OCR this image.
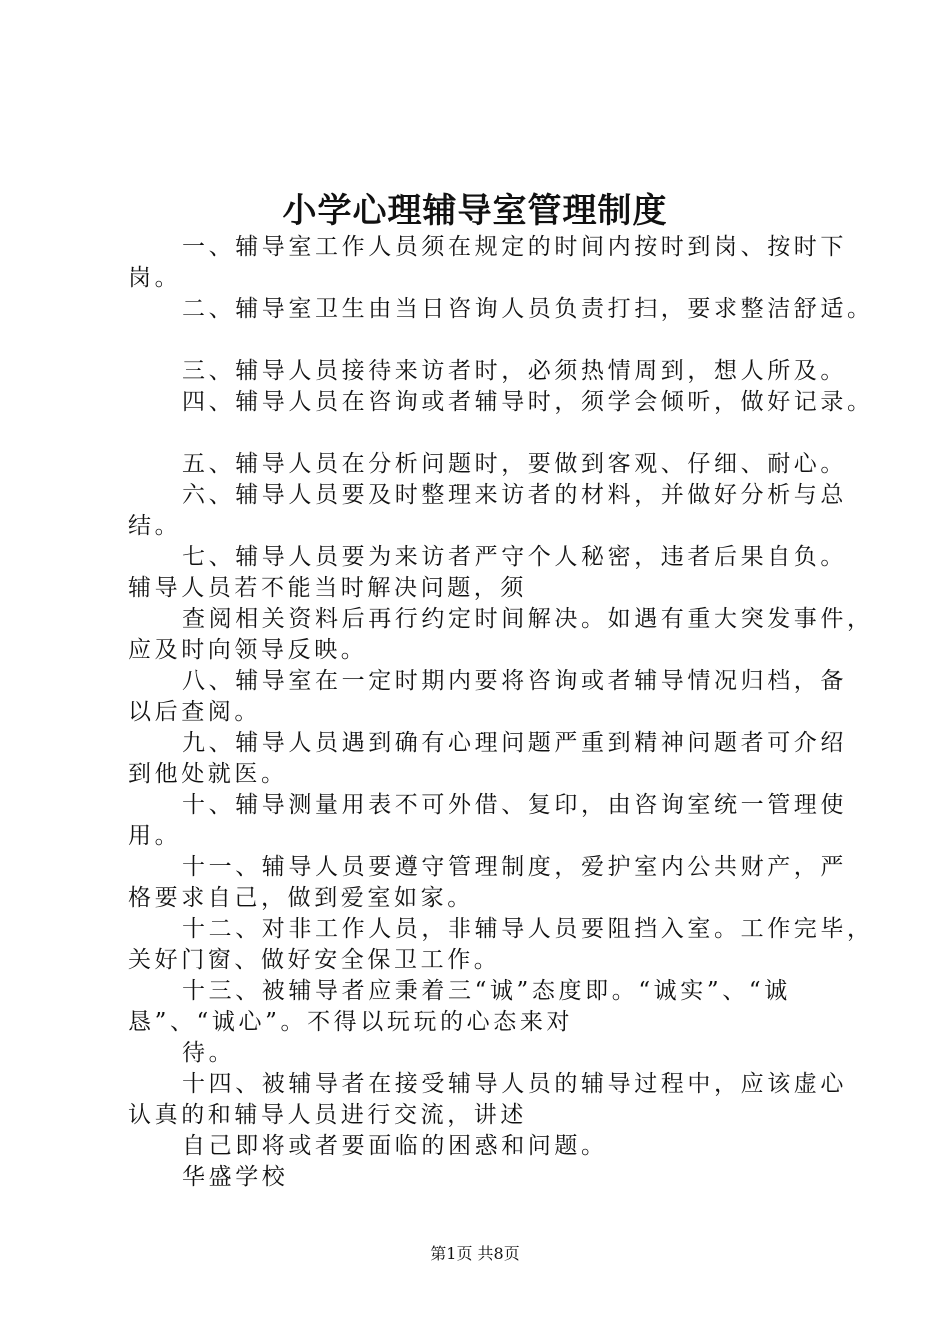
小学心理辅导室管理制度
一、辅导室工作人员须在规定的时间内按时到岗、按时下
岗。
二、辅导室卫生由当日咨询人员负责打扫，要求整洁舒适。
三、辅导人员接待来访者时，必须热情周到，想人所及。
四、辅导人员在咨询或者辅导时，须学会倾听，做好记录。
五、辅导人员在分析问题时，要做到客观、仔细、耐心。
六、辅导人员要及时整理来访者的材料，并做好分析与总
结。
七、辅导人员要为来访者严守个人秘密，违者后果自负。
辅导人员若不能当时解决问题，须
查阅相关资料后再行约定时间解决。如遇有重大突发事件，
应及时向领导反映。
八、辅导室在一定时期内要将咨询或者辅导情况归档，备
以后查阅。
九、辅导人员遇到确有心理问题严重到精神问题者可介绍
到他处就医。
十、辅导测量用表不可外借、复印，由咨询室统一管理使
用。
十一、辅导人员要遵守管理制度，爱护室内公共财产，严
格要求自己，做到爱室如家。
十二、对非工作人员，非辅导人员要阻挡入室。工作完毕，
关好门窗、做好安全保卫工作。
十三、被辅导者应秉着三“诚”态度即。“诚实”、“诚
恳”、“诚心”。不得以玩玩的心态来对
待。
十四、被辅导者在接受辅导人员的辅导过程中，应该虚心
认真的和辅导人员进行交流，讲述
自己即将或者要面临的困惑和问题。
华盛学校
第1页 共8页
